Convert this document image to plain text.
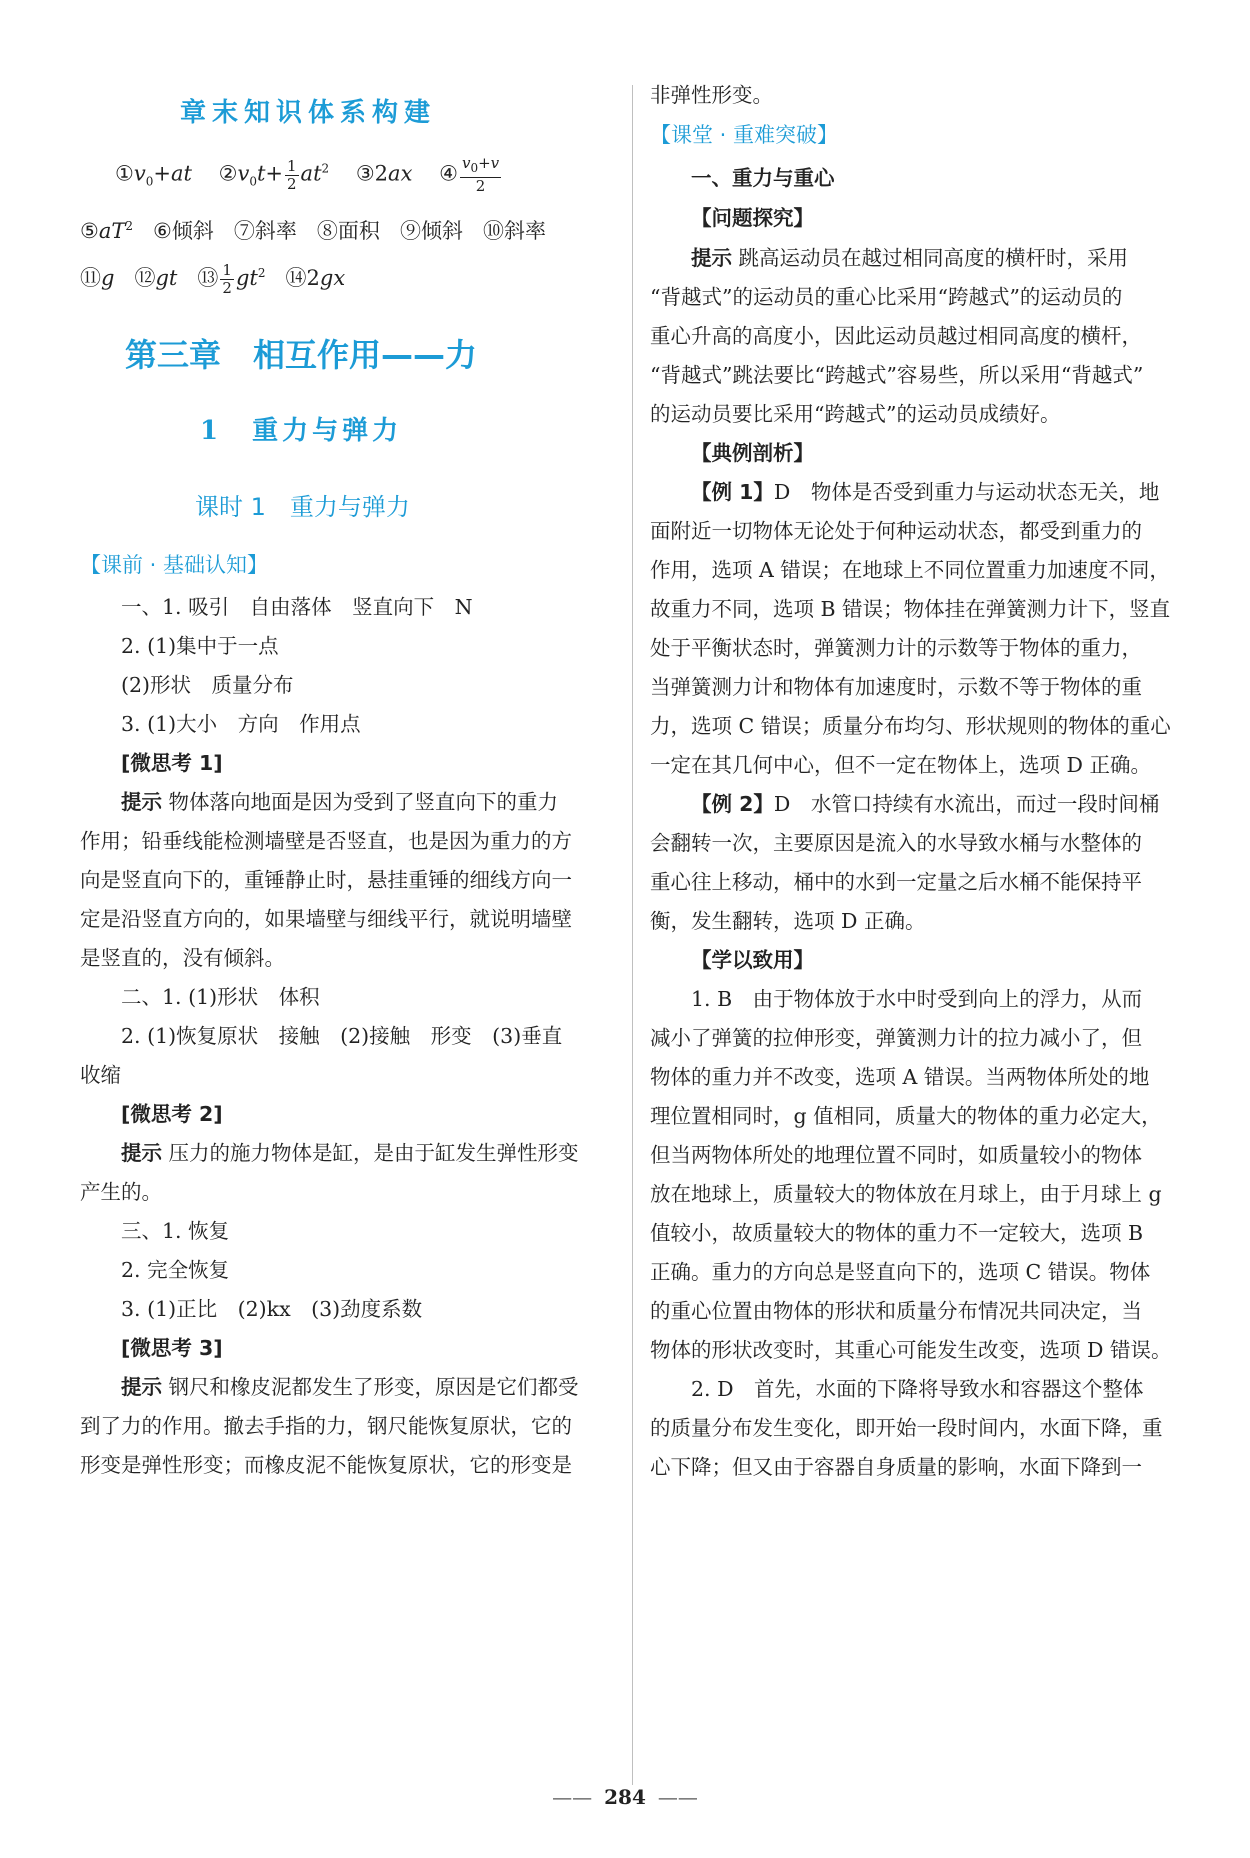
章末知识体系构建
$①v_0+at$ $②v_0t+ \frac{1}{2} at^2$ ③2ax ④ $\frac{v_0+v}{2}$
$⑤aT^2$ ⑥倾斜 ⑦斜率 ⑧面积 ⑨倾斜 ⑩斜率
⑪g ⑫gt ⑬ $\frac{1}{2} gt^2$ ⑭2gx
第三章　相互作用——力
1　重力与弹力
课时 1　重力与弹力
【课前 · 基础认知】
一、1. 吸引　自由落体　竖直向下　N
2. (1)集中于一点
(2)形状　质量分布
3. (1)大小　方向　作用点
[微思考 1]
提示 物体落向地面是因为受到了竖直向下的重力
作用；铅垂线能检测墙壁是否竖直，也是因为重力的方
向是竖直向下的，重锤静止时，悬挂重锤的细线方向一
定是沿竖直方向的，如果墙壁与细线平行，就说明墙壁
是竖直的，没有倾斜。
二、1. (1)形状　体积
2. (1)恢复原状　接触　(2)接触　形变　(3)垂直
收缩
[微思考 2]
提示 压力的施力物体是缸，是由于缸发生弹性形变
产生的。
三、1. 恢复
2. 完全恢复
3. (1)正比　(2)kx　(3)劲度系数
[微思考 3]
提示 钢尺和橡皮泥都发生了形变，原因是它们都受
到了力的作用。撤去手指的力，钢尺能恢复原状，它的
形变是弹性形变；而橡皮泥不能恢复原状，它的形变是
非弹性形变。
【课堂 · 重难突破】
一、重力与重心
【问题探究】
提示 跳高运动员在越过相同高度的横杆时，采用
“背越式”的运动员的重心比采用“跨越式”的运动员的
重心升高的高度小，因此运动员越过相同高度的横杆，
“背越式”跳法要比“跨越式”容易些，所以采用“背越式”
的运动员要比采用“跨越式”的运动员成绩好。
【典例剖析】
【例 1】D　物体是否受到重力与运动状态无关，地
面附近一切物体无论处于何种运动状态，都受到重力的
作用，选项 A 错误；在地球上不同位置重力加速度不同，
故重力不同，选项 B 错误；物体挂在弹簧测力计下，竖直
处于平衡状态时，弹簧测力计的示数等于物体的重力，
当弹簧测力计和物体有加速度时，示数不等于物体的重
力，选项 C 错误；质量分布均匀、形状规则的物体的重心
一定在其几何中心，但不一定在物体上，选项 D 正确。
【例 2】D　水管口持续有水流出，而过一段时间桶
会翻转一次，主要原因是流入的水导致水桶与水整体的
重心往上移动，桶中的水到一定量之后水桶不能保持平
衡，发生翻转，选项 D 正确。
【学以致用】
1. B　由于物体放于水中时受到向上的浮力，从而
减小了弹簧的拉伸形变，弹簧测力计的拉力减小了，但
物体的重力并不改变，选项 A 错误。当两物体所处的地
理位置相同时，g 值相同，质量大的物体的重力必定大，
但当两物体所处的地理位置不同时，如质量较小的物体
放在地球上，质量较大的物体放在月球上，由于月球上 g
值较小，故质量较大的物体的重力不一定较大，选项 B
正确。重力的方向总是竖直向下的，选项 C 错误。物体
的重心位置由物体的形状和质量分布情况共同决定，当
物体的形状改变时，其重心可能发生改变，选项 D 错误。
2. D　首先，水面的下降将导致水和容器这个整体
的质量分布发生变化，即开始一段时间内，水面下降，重
心下降；但又由于容器自身质量的影响，水面下降到一
—— 284 ——
